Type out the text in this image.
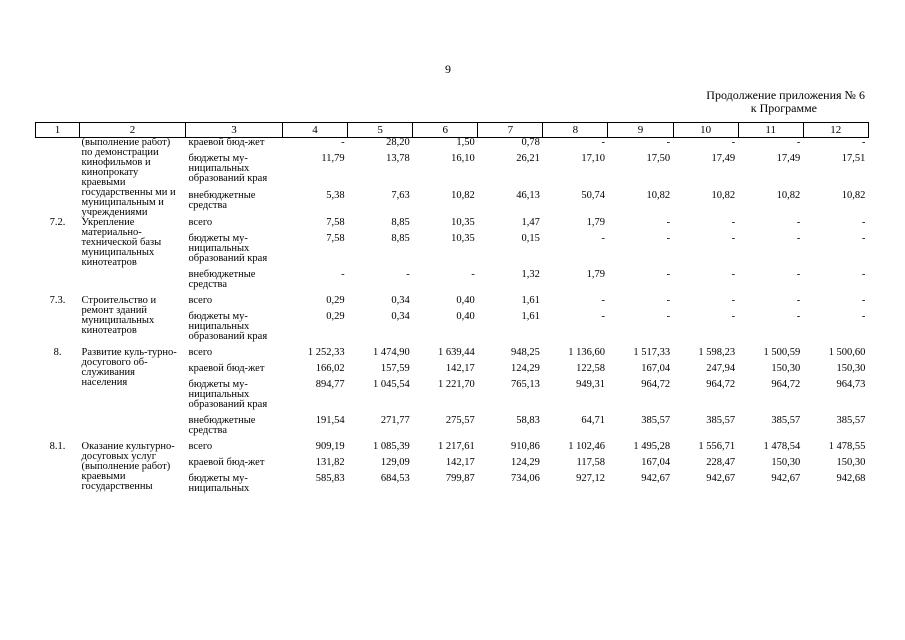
9
Продолжение приложения № 6
к Программе
1	2	3	4	5	6	7	8	9	10	11	12
	(выполнение работ) по демонстрации кинофильмов и кинопрокату краевыми государственны ми и муниципальным и учреждениями	краевой бюд-жет	-	28,20	1,50	0,78	-	-	-	-	-
		бюджеты му-ниципальных образований края	11,79	13,78	16,10	26,21	17,10	17,50	17,49	17,49	17,51
		внебюджетные средства	5,38	7,63	10,82	46,13	50,74	10,82	10,82	10,82	10,82
7.2.	Укрепление материально-технической базы муниципальных кинотеатров	всего	7,58	8,85	10,35	1,47	1,79	-	-	-	-
		бюджеты му-ниципальных образований края	7,58	8,85	10,35	0,15	-	-	-	-	-
		внебюджетные средства	-	-	-	1,32	1,79	-	-	-	-
7.3.	Строительство и ремонт зданий муниципальных кинотеатров	всего	0,29	0,34	0,40	1,61	-	-	-	-	-
		бюджеты му-ниципальных образований края	0,29	0,34	0,40	1,61	-	-	-	-	-
8.	Развитие куль-турно-досугового об-служивания населения	всего	1 252,33	1 474,90	1 639,44	948,25	1 136,60	1 517,33	1 598,23	1 500,59	1 500,60
		краевой бюд-жет	166,02	157,59	142,17	124,29	122,58	167,04	247,94	150,30	150,30
		бюджеты му-ниципальных образований края	894,77	1 045,54	1 221,70	765,13	949,31	964,72	964,72	964,72	964,73
		внебюджетные средства	191,54	271,77	275,57	58,83	64,71	385,57	385,57	385,57	385,57
8.1.	Оказание культурно-досуговых услуг (выполнение работ) краевыми государственны	всего	909,19	1 085,39	1 217,61	910,86	1 102,46	1 495,28	1 556,71	1 478,54	1 478,55
		краевой бюд-жет	131,82	129,09	142,17	124,29	117,58	167,04	228,47	150,30	150,30
		бюджеты му-ниципальных	585,83	684,53	799,87	734,06	927,12	942,67	942,67	942,67	942,68
